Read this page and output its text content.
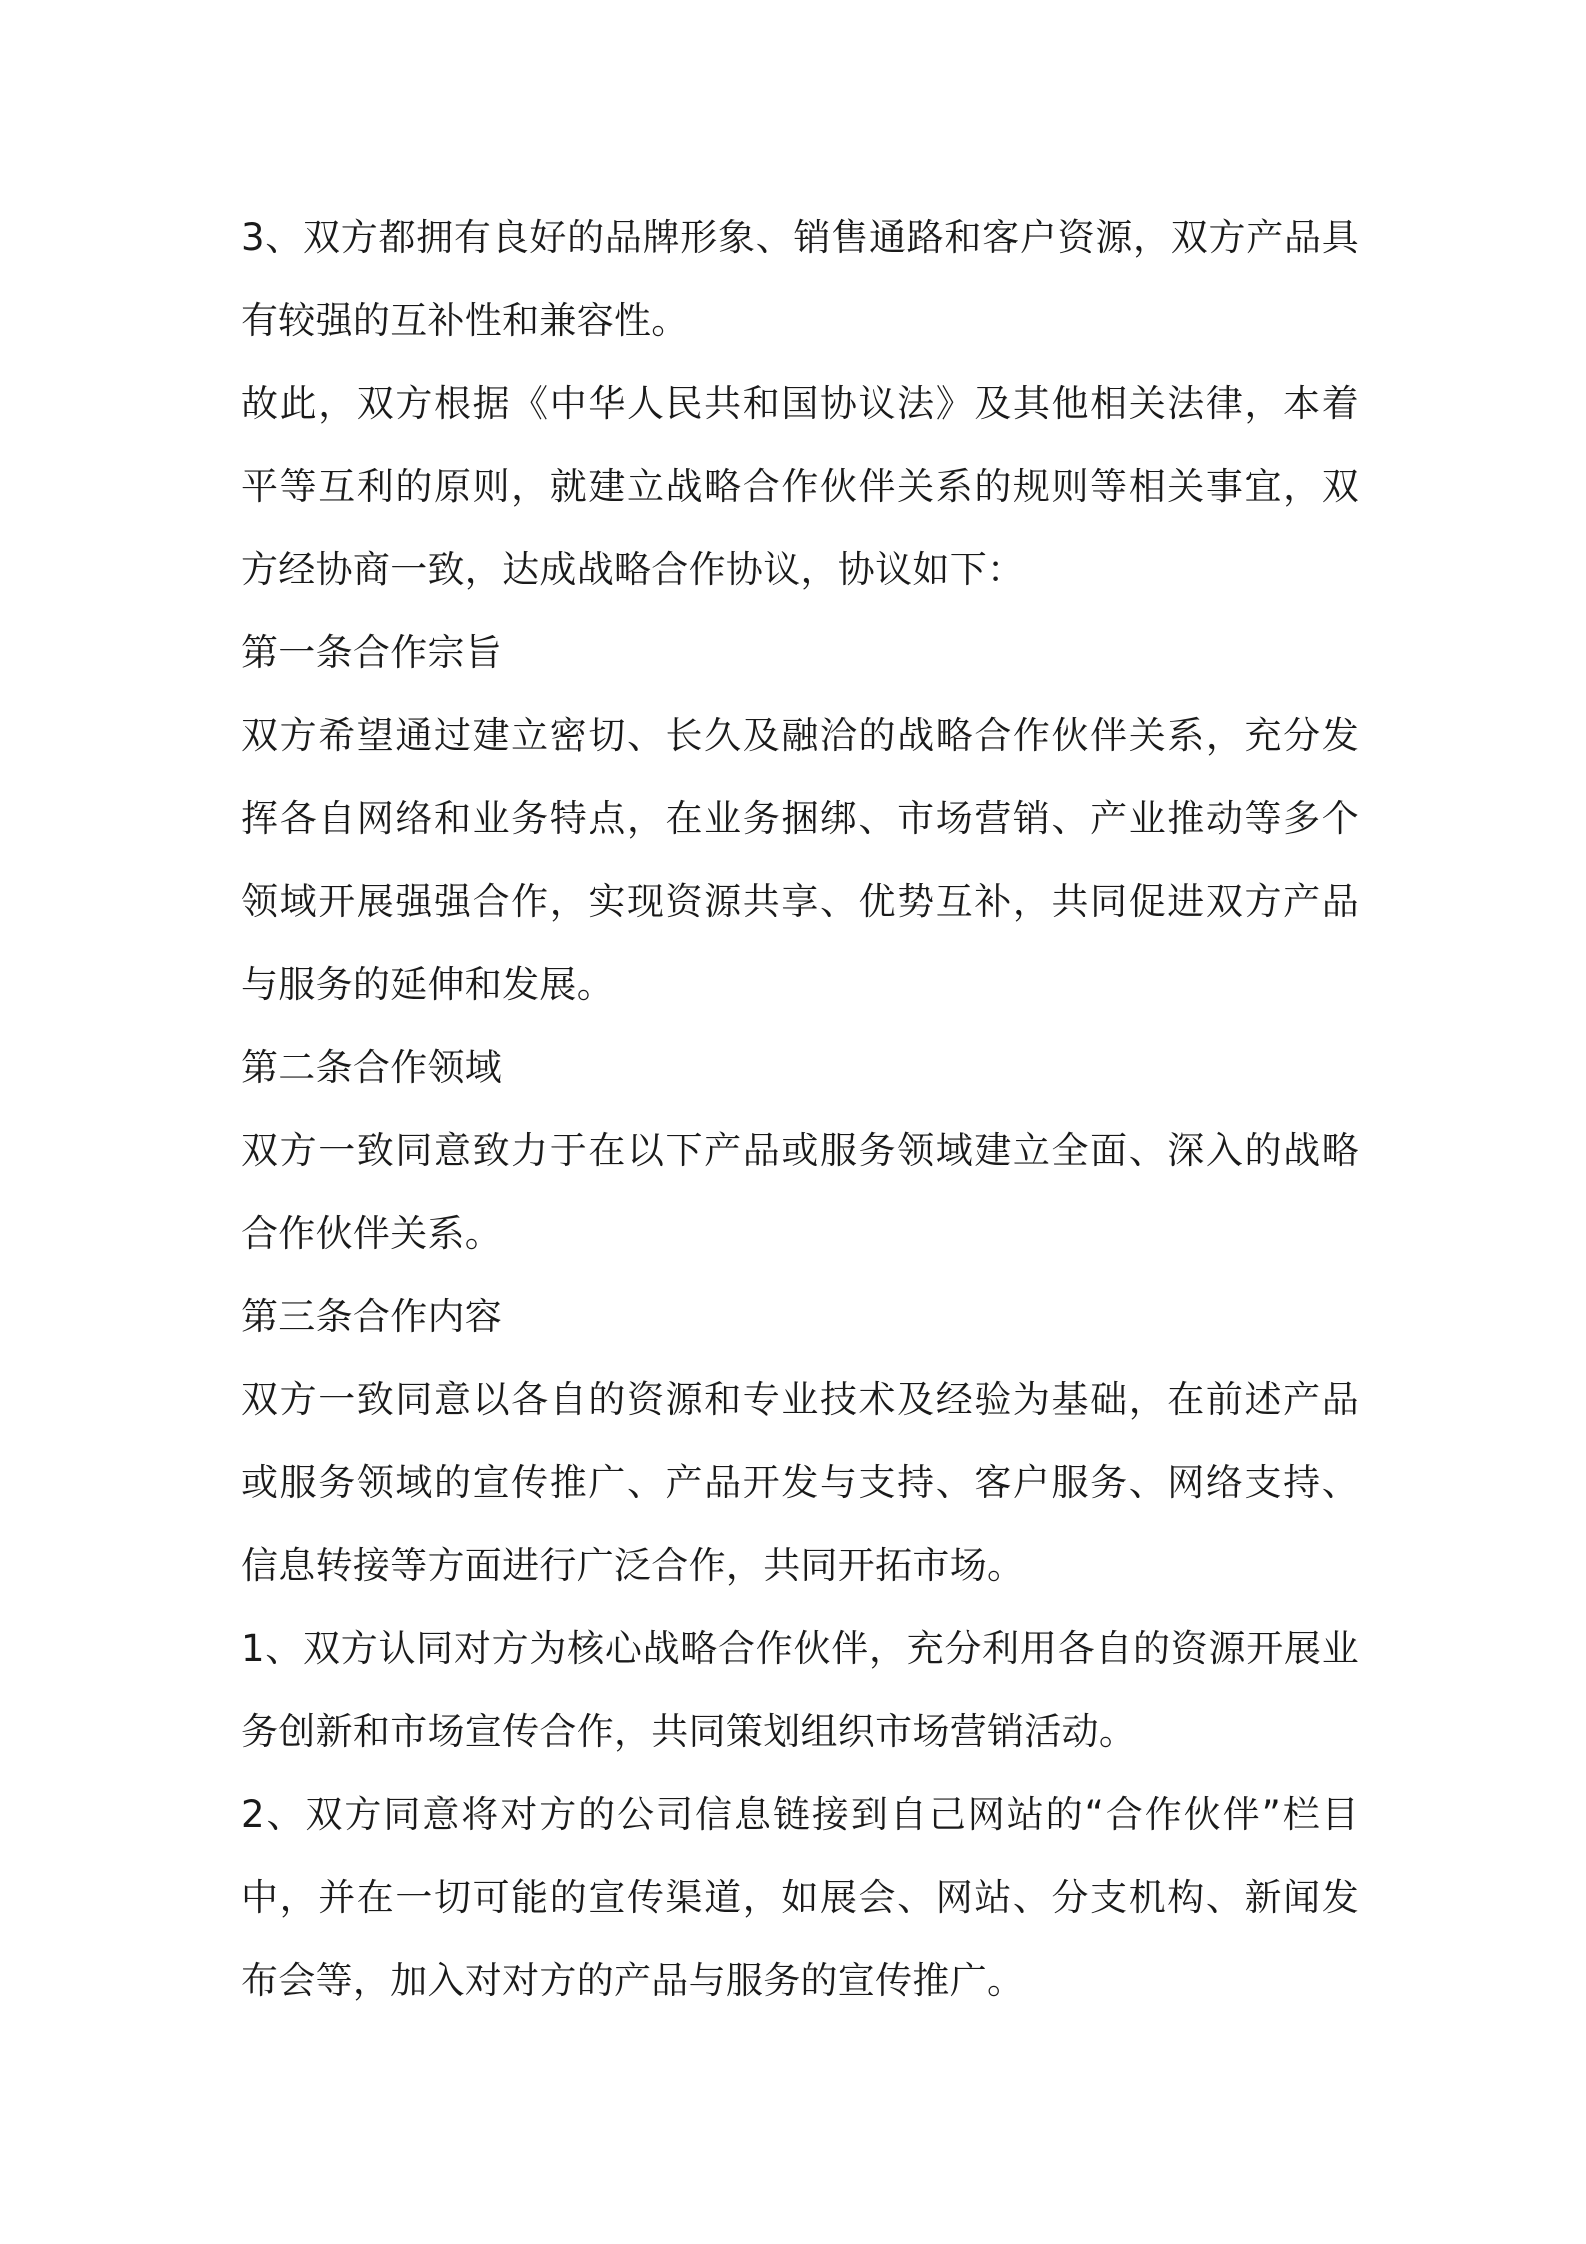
3、双方都拥有良好的品牌形象、销售通路和客户资源，双方产品具有较强的互补性和兼容性。

故此，双方根据《中华人民共和国协议法》及其他相关法律，本着平等互利的原则，就建立战略合作伙伴关系的规则等相关事宜，双方经协商一致，达成战略合作协议，协议如下：

第一条合作宗旨

双方希望通过建立密切、长久及融洽的战略合作伙伴关系，充分发挥各自网络和业务特点，在业务捆绑、市场营销、产业推动等多个领域开展强强合作，实现资源共享、优势互补，共同促进双方产品与服务的延伸和发展。

第二条合作领域

双方一致同意致力于在以下产品或服务领域建立全面、深入的战略合作伙伴关系。

第三条合作内容

双方一致同意以各自的资源和专业技术及经验为基础，在前述产品或服务领域的宣传推广、产品开发与支持、客户服务、网络支持、信息转接等方面进行广泛合作，共同开拓市场。

1、双方认同对方为核心战略合作伙伴，充分利用各自的资源开展业务创新和市场宣传合作，共同策划组织市场营销活动。

2、双方同意将对方的公司信息链接到自己网站的“合作伙伴”栏目中，并在一切可能的宣传渠道，如展会、网站、分支机构、新闻发布会等，加入对对方的产品与服务的宣传推广。
